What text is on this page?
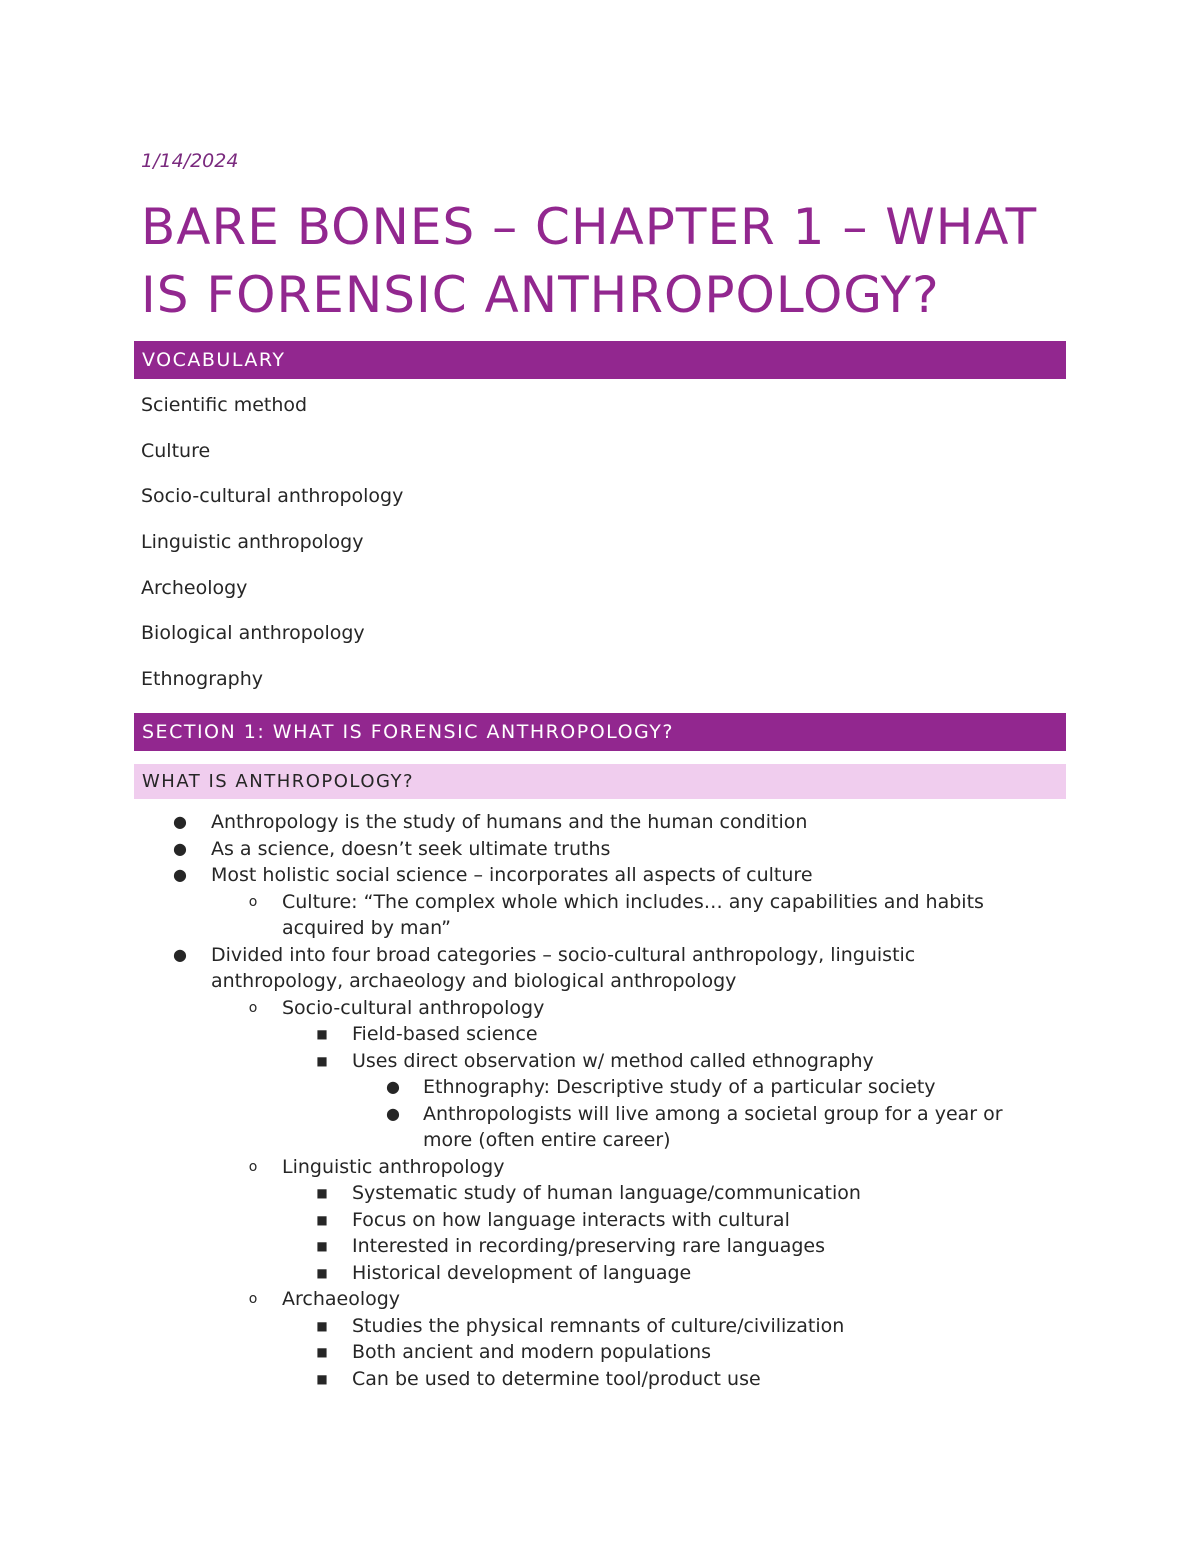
1/14/2024
BARE BONES – CHAPTER 1 – WHAT IS FORENSIC ANTHROPOLOGY?
VOCABULARY
Scientific method
Culture
Socio-cultural anthropology
Linguistic anthropology
Archeology
Biological anthropology
Ethnography
SECTION 1: WHAT IS FORENSIC ANTHROPOLOGY?
WHAT IS ANTHROPOLOGY?
● Anthropology is the study of humans and the human condition
● As a science, doesn’t seek ultimate truths
● Most holistic social science – incorporates all aspects of culture
o	Culture: “The complex whole which includes… any capabilities and habits acquired by man”
● Divided into four broad categories – socio-cultural anthropology, linguistic anthropology, archaeology and biological anthropology
o	Socio-cultural anthropology
■ Field-based science
■ Uses direct observation w/ method called ethnography
● Ethnography: Descriptive study of a particular society
● Anthropologists will live among a societal group for a year or more (often entire career)
o	Linguistic anthropology
■ Systematic study of human language/communication
■ Focus on how language interacts with cultural
■ Interested in recording/preserving rare languages
■ Historical development of language
o	Archaeology
■ Studies the physical remnants of culture/civilization
■ Both ancient and modern populations
■ Can be used to determine tool/product use
